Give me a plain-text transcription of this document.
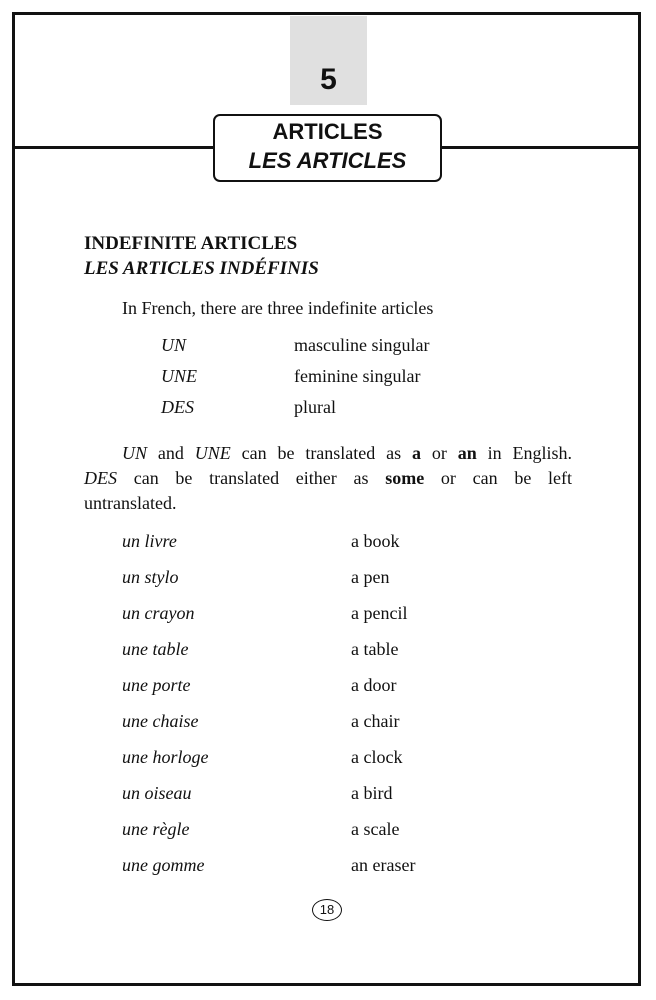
5
ARTICLES
LES ARTICLES
INDEFINITE ARTICLES
LES ARTICLES INDÉFINIS
In French, there are three indefinite articles
UN	masculine singular
UNE	feminine singular
DES	plural
UN and UNE can be translated as a or an in English.
DES can be translated either as some or can be left
untranslated.
un livre	a book
un stylo	a pen
un crayon	a pencil
une table	a table
une porte	a door
une chaise	a chair
une horloge	a clock
un oiseau	a bird
une règle	a scale
une gomme	an eraser
18
